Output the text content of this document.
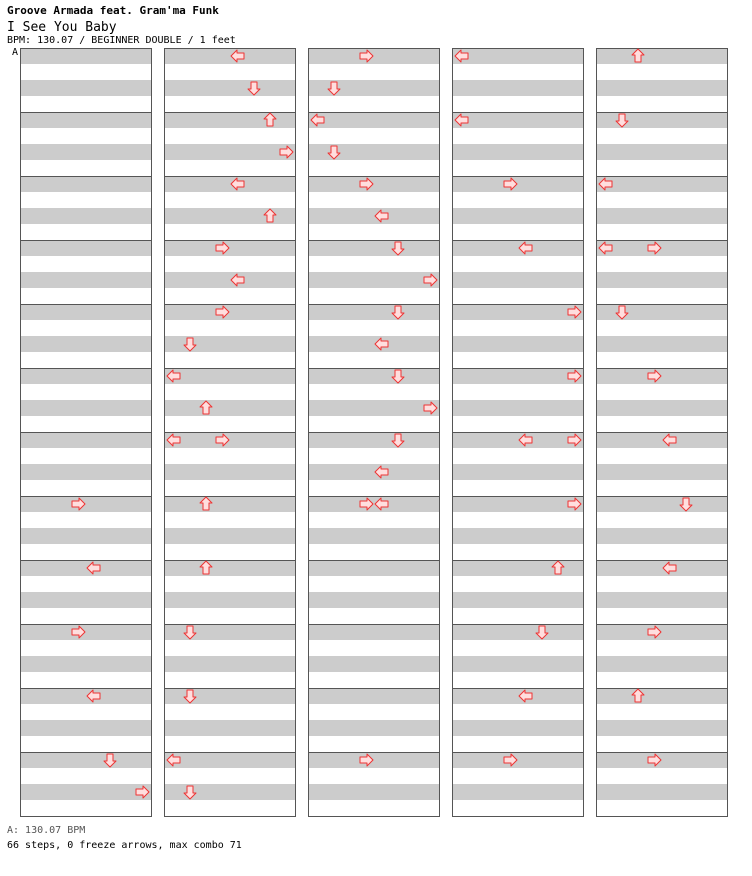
Groove Armada feat. Gram'ma Funk
I See You Baby
BPM: 130.07 / BEGINNER DOUBLE / 1 feet
A
A: 130.07 BPM
66 steps, 0 freeze arrows, max combo 71
